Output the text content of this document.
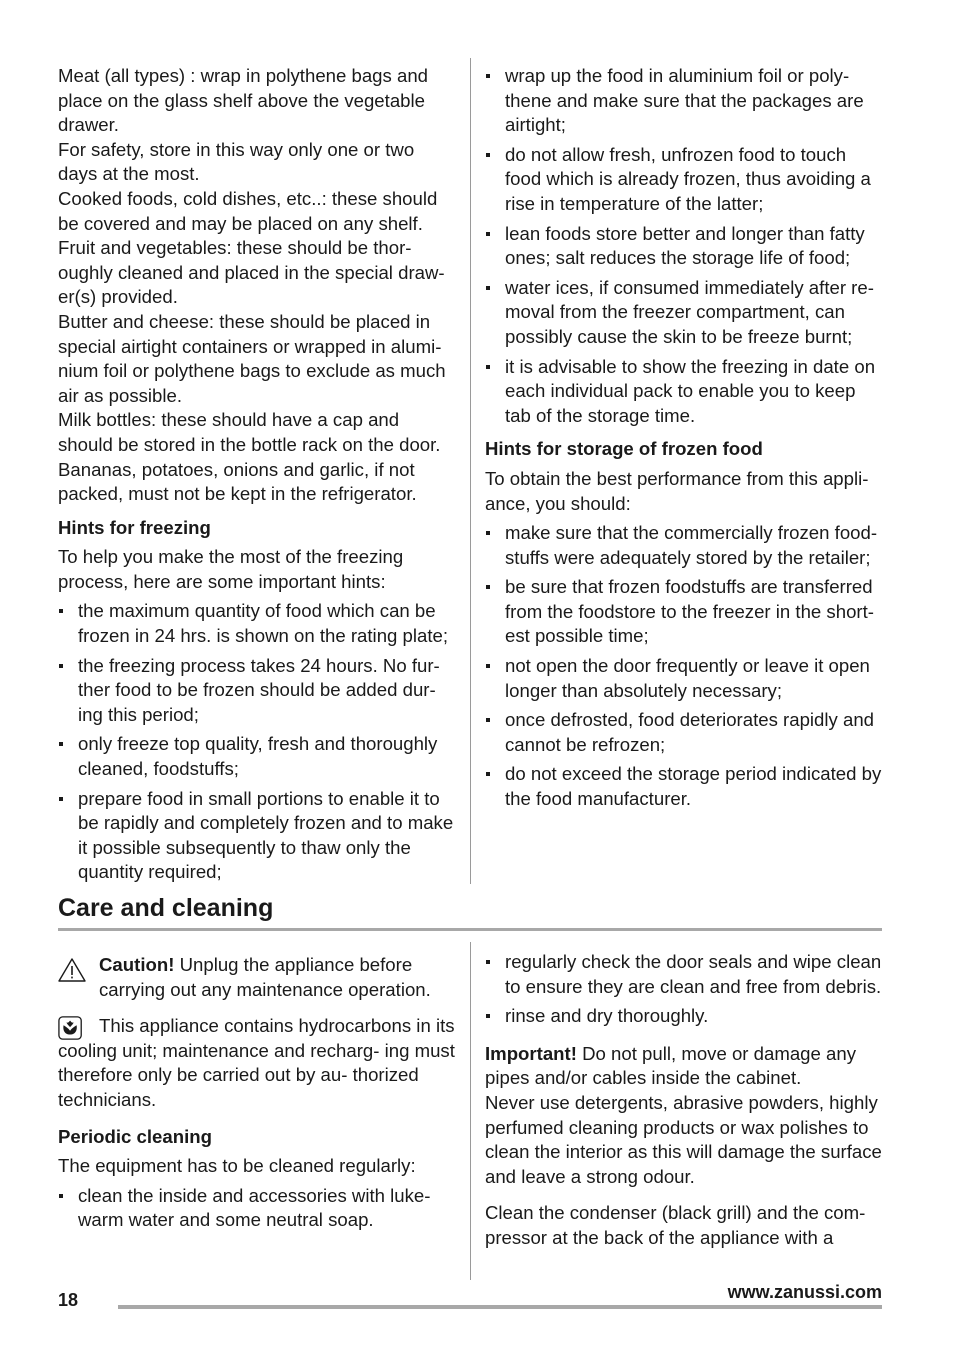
Meat (all types) : wrap in polythene bags and place on the glass shelf above the vegetable drawer.

For safety, store in this way only one or two days at the most.

Cooked foods, cold dishes, etc..: these should be covered and may be placed on any shelf.

Fruit and vegetables: these should be thor- oughly cleaned and placed in the special draw- er(s) provided.

Butter and cheese: these should be placed in special airtight containers or wrapped in alumi- nium foil or polythene bags to exclude as much air as possible.

Milk bottles: these should have a cap and should be stored in the bottle rack on the door.

Bananas, potatoes, onions and garlic, if not packed, must not be kept in the refrigerator.

Hints for freezing

To help you make the most of the freezing process, here are some important hints:

the maximum quantity of food which can be frozen in 24 hrs. is shown on the rating plate;
the freezing process takes 24 hours. No fur- ther food to be frozen should be added dur- ing this period;
only freeze top quality, fresh and thoroughly cleaned, foodstuffs;
prepare food in small portions to enable it to be rapidly and completely frozen and to make it possible subsequently to thaw only the quantity required;
wrap up the food in aluminium foil or poly- thene and make sure that the packages are airtight;
do not allow fresh, unfrozen food to touch food which is already frozen, thus avoiding a rise in temperature of the latter;
lean foods store better and longer than fatty ones; salt reduces the storage life of food;
water ices, if consumed immediately after re- moval from the freezer compartment, can possibly cause the skin to be freeze burnt;
it is advisable to show the freezing in date on each individual pack to enable you to keep tab of the storage time.

Hints for storage of frozen food

To obtain the best performance from this appli- ance, you should:

make sure that the commercially frozen food- stuffs were adequately stored by the retailer;
be sure that frozen foodstuffs are transferred from the foodstore to the freezer in the short- est possible time;
not open the door frequently or leave it open longer than absolutely necessary;
once defrosted, food deteriorates rapidly and cannot be refrozen;
do not exceed the storage period indicated by the food manufacturer.
Care and cleaning
Caution! Unplug the appliance before carrying out any maintenance operation.
This appliance contains hydrocarbons in its cooling unit; maintenance and recharg- ing must therefore only be carried out by au- thorized technicians.

Periodic cleaning

The equipment has to be cleaned regularly:

clean the inside and accessories with luke- warm water and some neutral soap.
regularly check the door seals and wipe clean to ensure they are clean and free from debris.
rinse and dry thoroughly.

Important! Do not pull, move or damage any pipes and/or cables inside the cabinet.

Never use detergents, abrasive powders, highly perfumed cleaning products or wax polishes to clean the interior as this will damage the surface and leave a strong odour.

Clean the condenser (black grill) and the com- pressor at the back of the appliance with a

18	www.zanussi.com
